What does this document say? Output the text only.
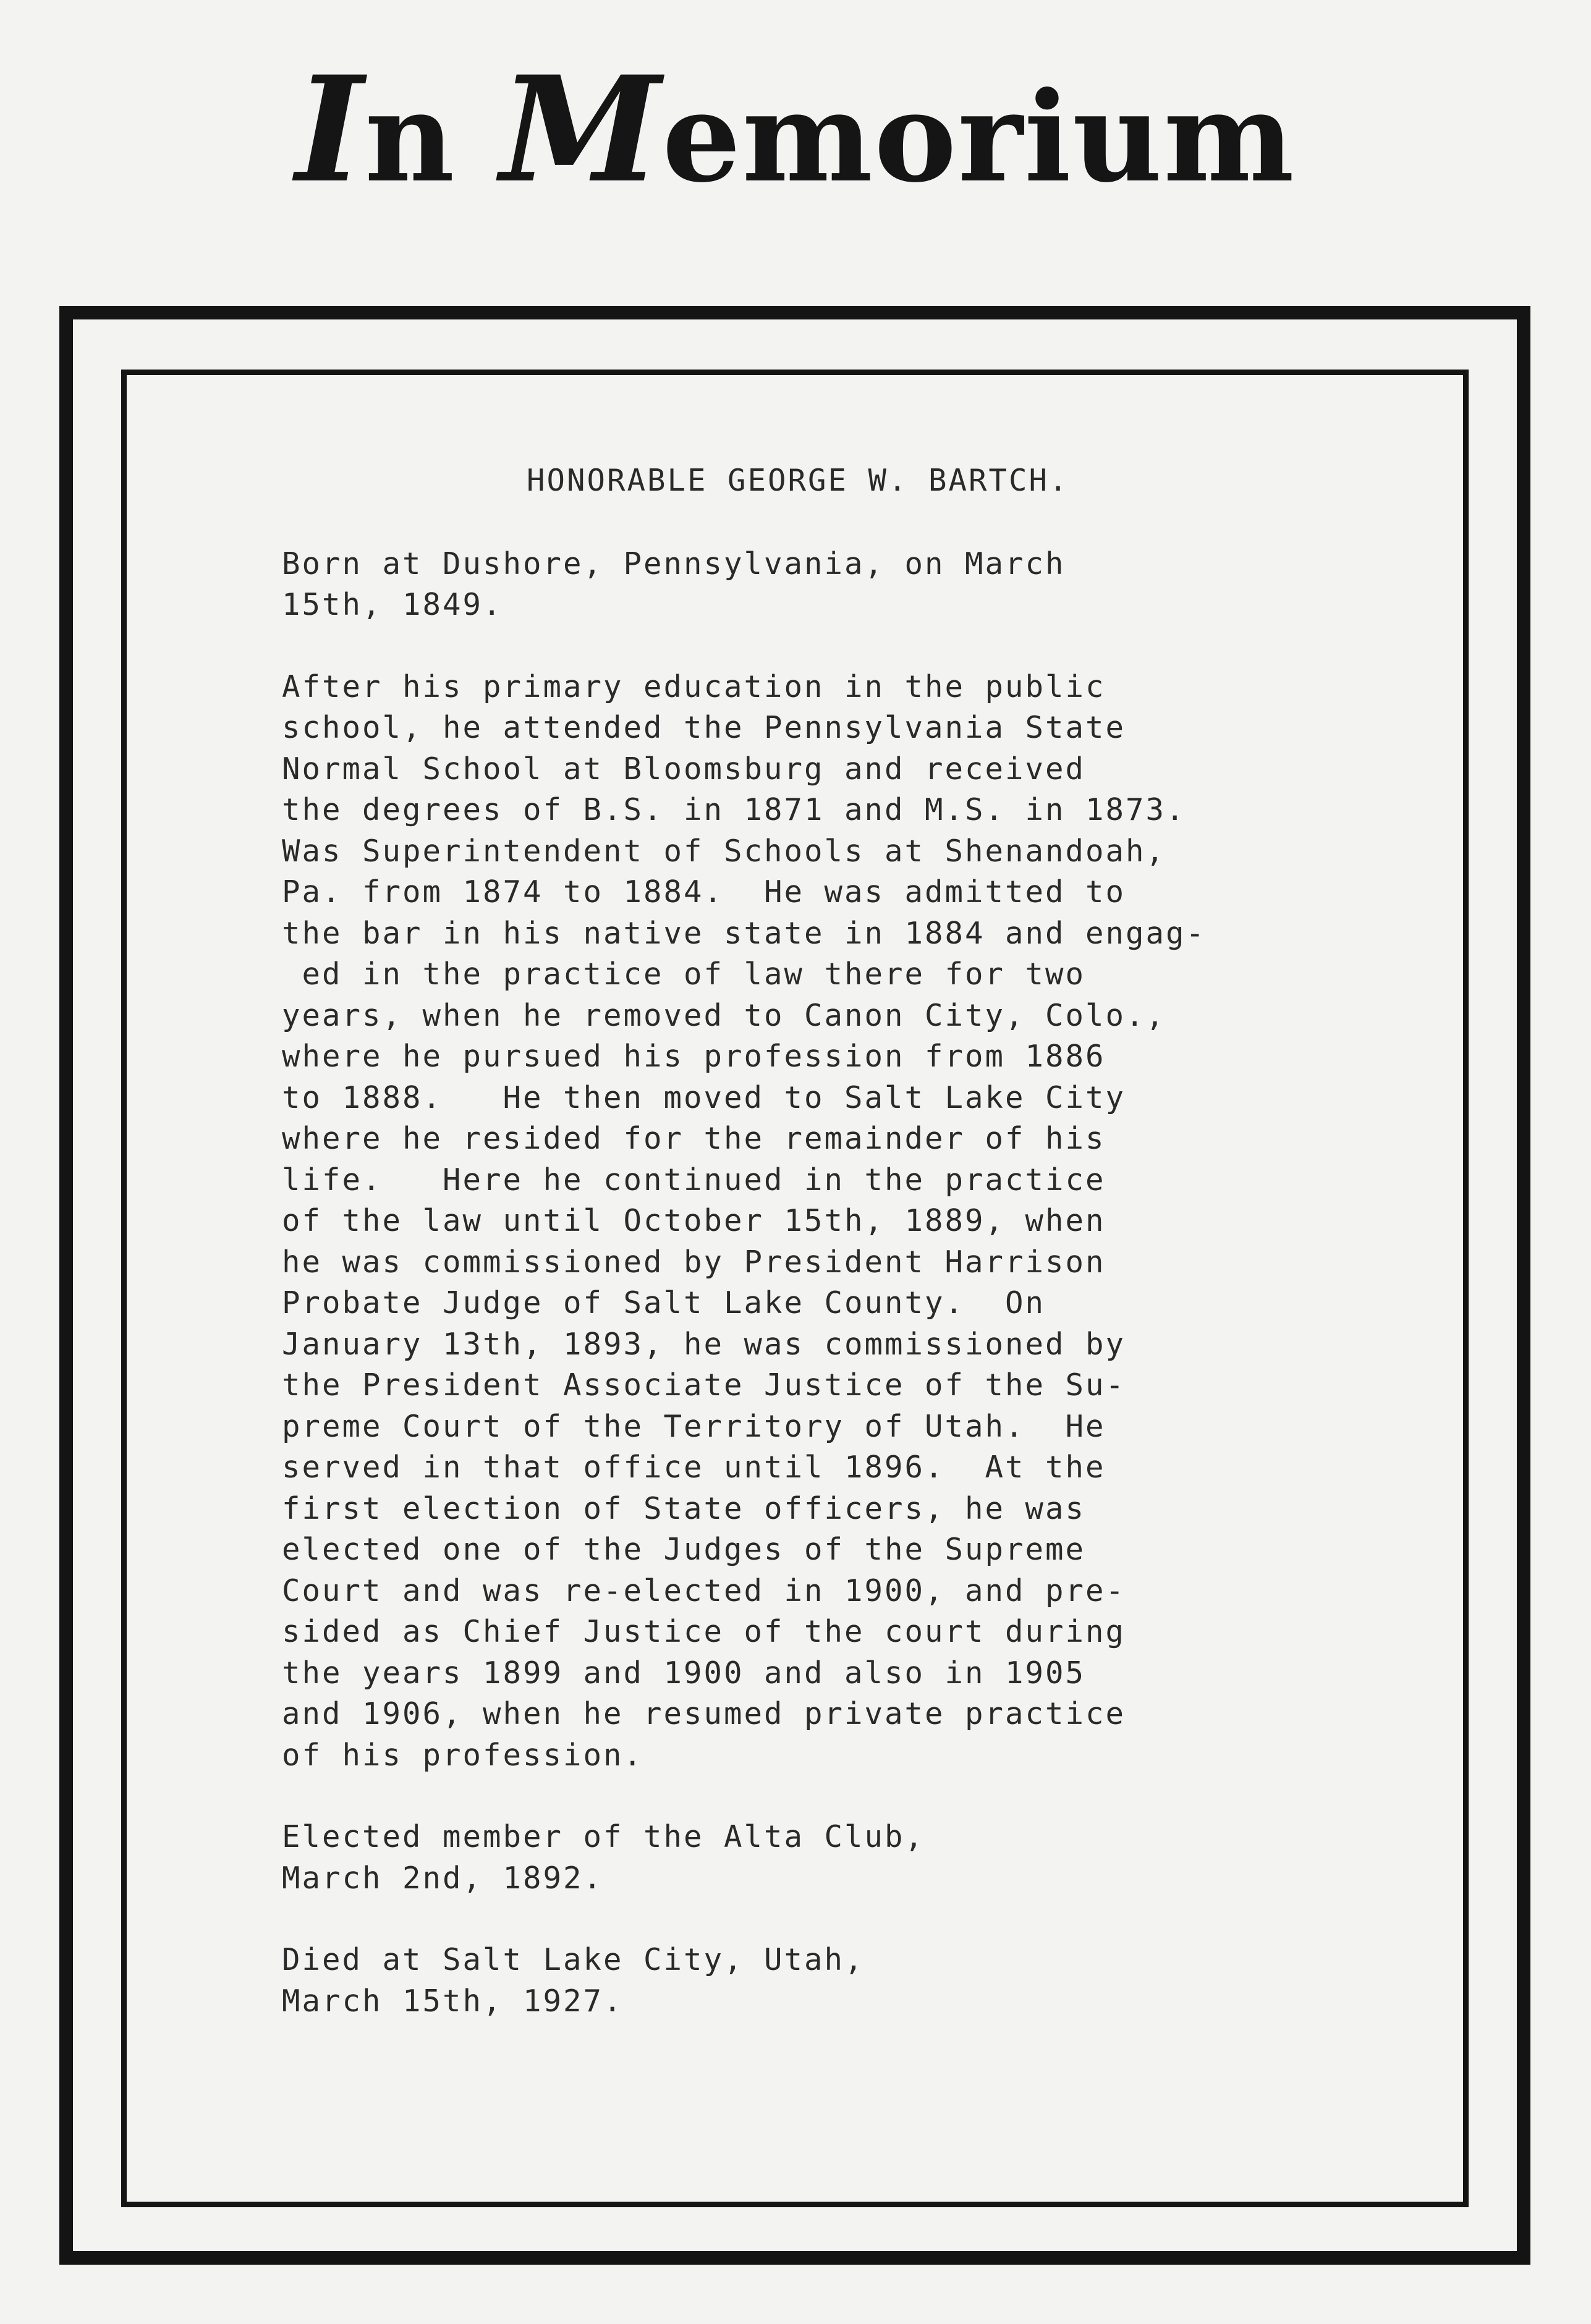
In Memorium
HONORABLE GEORGE W. BARTCH.
Born at Dushore, Pennsylvania, on March
15th, 1849.
After his primary education in the public
school, he attended the Pennsylvania State
Normal School at Bloomsburg and received
the degrees of B.S. in 1871 and M.S. in 1873.
Was Superintendent of Schools at Shenandoah,
Pa. from 1874 to 1884.  He was admitted to
the bar in his native state in 1884 and engag-
ed in the practice of law there for two
years, when he removed to Canon City, Colo.,
where he pursued his profession from 1886
to 1888.   He then moved to Salt Lake City
where he resided for the remainder of his
life.   Here he continued in the practice
of the law until October 15th, 1889, when
he was commissioned by President Harrison
Probate Judge of Salt Lake County.  On
January 13th, 1893, he was commissioned by
the President Associate Justice of the Su-
preme Court of the Territory of Utah.  He
served in that office until 1896.  At the
first election of State officers, he was
elected one of the Judges of the Supreme
Court and was re-elected in 1900, and pre-
sided as Chief Justice of the court during
the years 1899 and 1900 and also in 1905
and 1906, when he resumed private practice
of his profession.
Elected member of the Alta Club,
March 2nd, 1892.
Died at Salt Lake City, Utah,
March 15th, 1927.
